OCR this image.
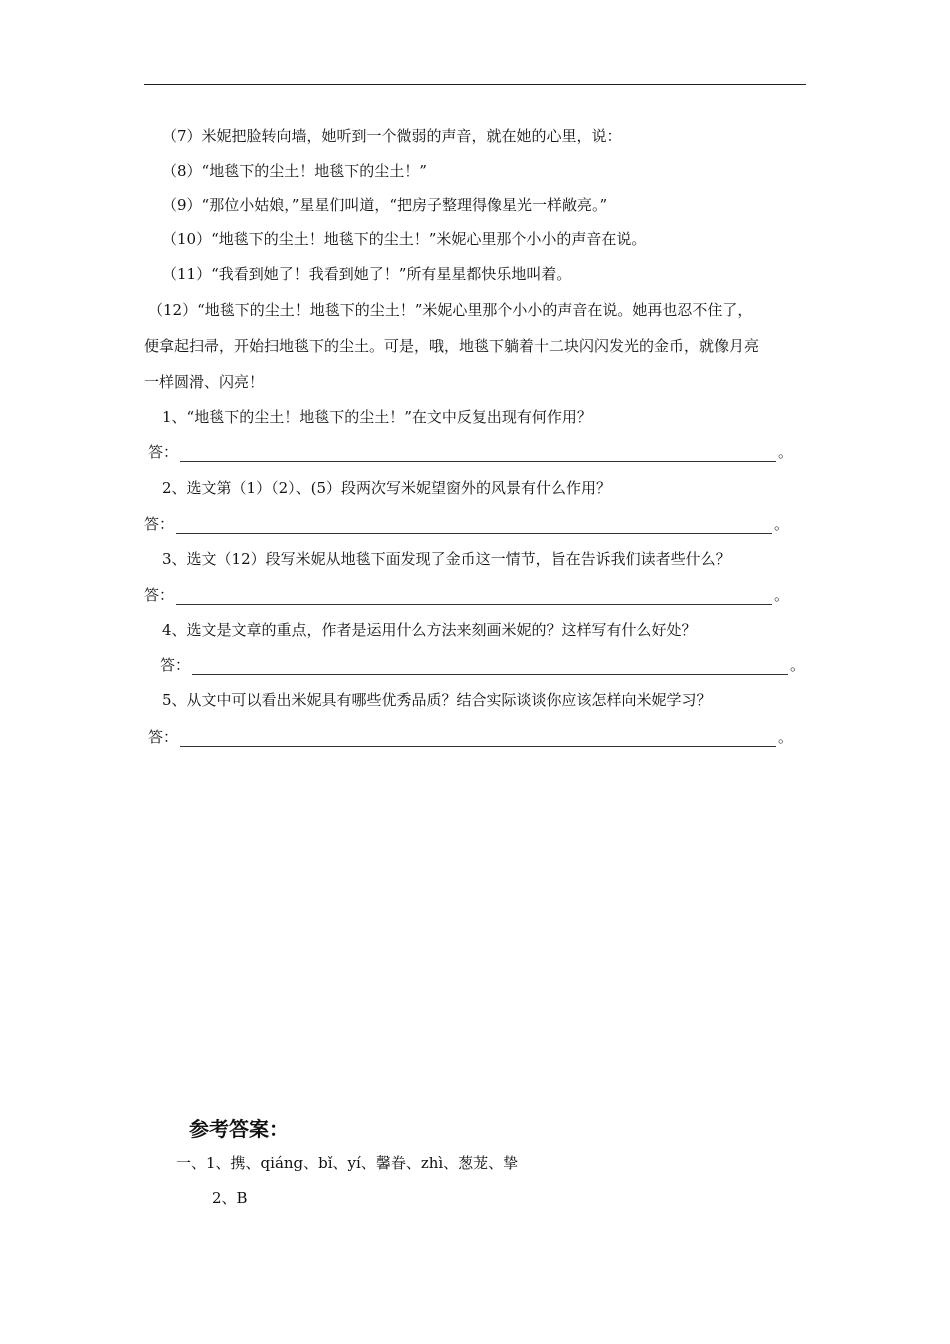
（7）米妮把脸转向墙，她听到一个微弱的声音，就在她的心里，说：
（8）“地毯下的尘土！地毯下的尘土！”
（9）“那位小姑娘，”星星们叫道，“把房子整理得像星光一样敞亮。”
（10）“地毯下的尘土！地毯下的尘土！”米妮心里那个小小的声音在说。
（11）“我看到她了！我看到她了！”所有星星都快乐地叫着。
（12）“地毯下的尘土！地毯下的尘土！”米妮心里那个小小的声音在说。她再也忍不住了，
便拿起扫帚，开始扫地毯下的尘土。可是，哦，地毯下躺着十二块闪闪发光的金币，就像月亮
一样圆滑、闪亮！
1、“地毯下的尘土！地毯下的尘土！”在文中反复出现有何作用？
答：	。
2、选文第（1）（2）、(5）段两次写米妮望窗外的风景有什么作用？
答：	。
3、选文（12）段写米妮从地毯下面发现了金币这一情节，旨在告诉我们读者些什么？
答：	。
4、选文是文章的重点，作者是运用什么方法来刻画米妮的？这样写有什么好处？
答：	。
5、从文中可以看出米妮具有哪些优秀品质？结合实际谈谈你应该怎样向米妮学习？
答：	。
参考答案：
一、1、携、qiáng、bǐ、yí、馨眷、zhì、葱茏、挚
2、B
